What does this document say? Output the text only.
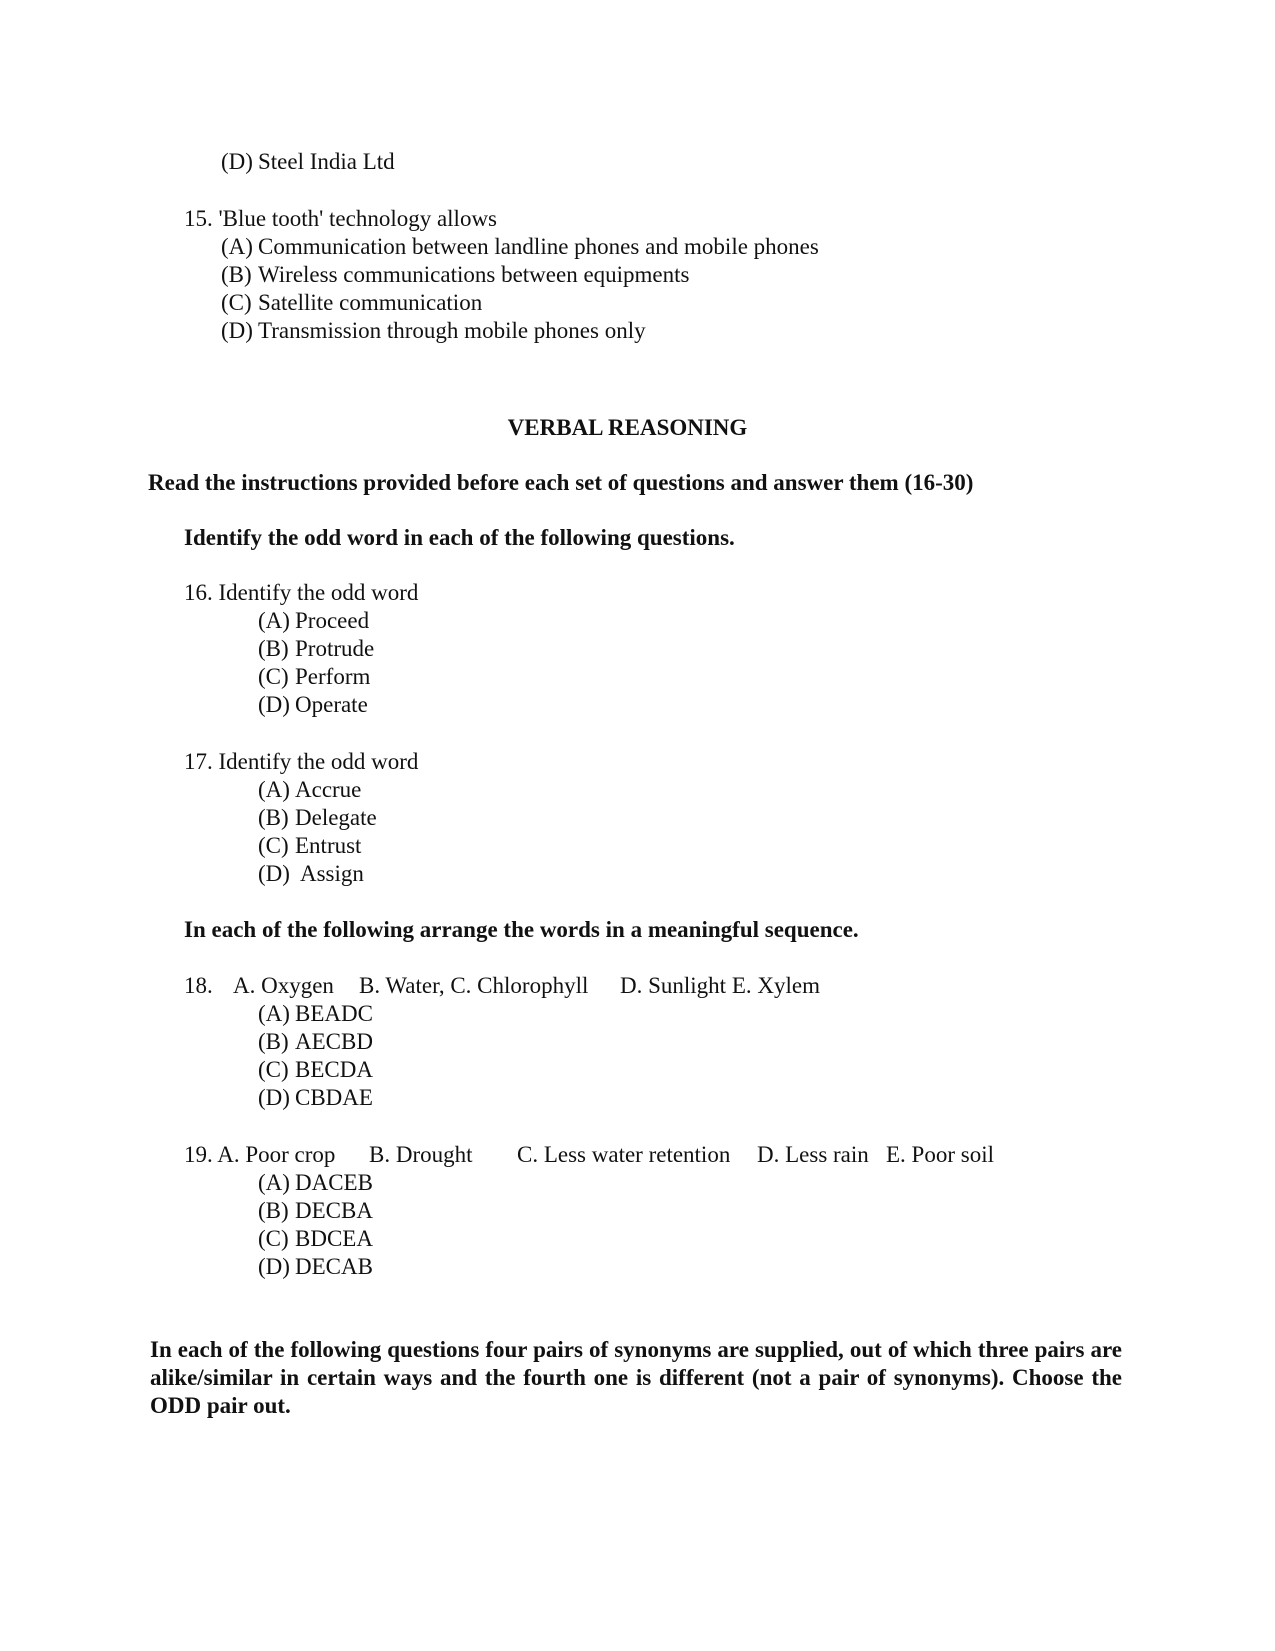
(D) Steel India Ltd
15. 'Blue tooth' technology allows
(A) Communication between landline phones and mobile phones
(B) Wireless communications between equipments
(C) Satellite communication
(D) Transmission through mobile phones only
VERBAL REASONING
Read the instructions provided before each set of questions and answer them (16-30)
Identify the odd word in each of the following questions.
16. Identify the odd word
(A) Proceed
(B) Protrude
(C) Perform
(D) Operate
17. Identify the odd word
(A) Accrue
(B) Delegate
(C) Entrust
(D) Assign
In each of the following arrange the words in a meaningful sequence.
18. A. Oxygen B. Water, C. Chlorophyll D. Sunlight E. Xylem
(A) BEADC
(B) AECBD
(C) BECDA
(D) CBDAE
19. A. Poor crop B. Drought C. Less water retention D. Less rain E. Poor soil
(A) DACEB
(B) DECBA
(C) BDCEA
(D) DECAB
In each of the following questions four pairs of synonyms are supplied, out of which three pairs are alike/similar in certain ways and the fourth one is different (not a pair of synonyms). Choose the ODD pair out.
